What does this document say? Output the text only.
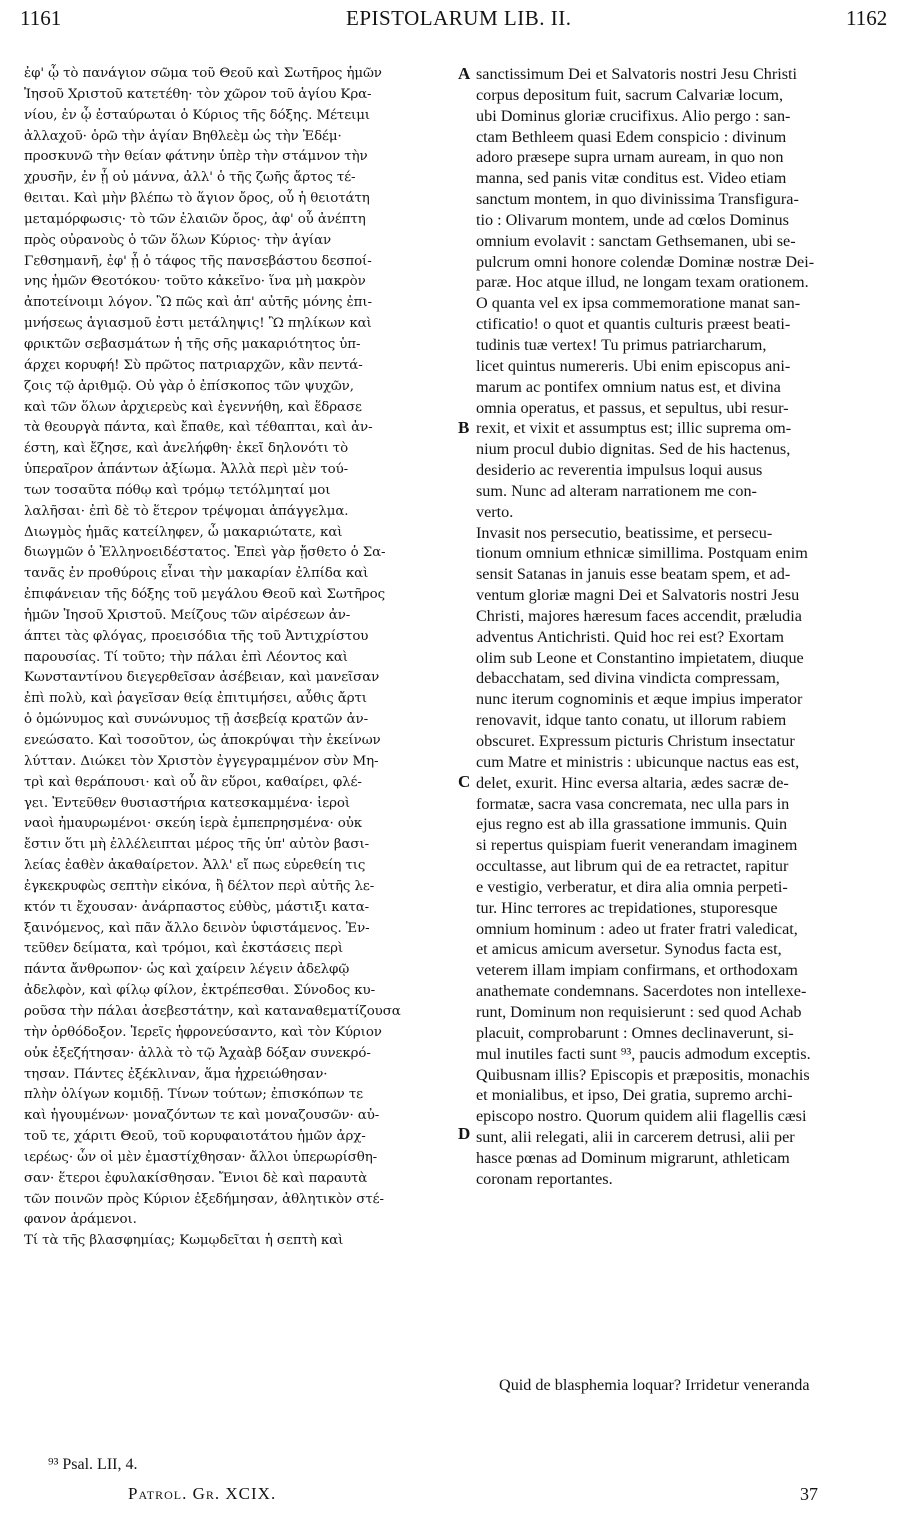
1161	EPISTOLARUM LIB. II.	1162
ἐφ' ᾧ τὸ πανάγιον σῶμα τοῦ Θεοῦ καὶ Σωτῆρος ἡμῶν
Ἰησοῦ Χριστοῦ κατετέθη· τὸν χῶρον τοῦ ἁγίου Κρα-
νίου, ἐν ᾧ ἐσταύρωται ὁ Κύριος τῆς δόξης. Μέτειμι
ἀλλαχοῦ· ὁρῶ τὴν ἁγίαν Βηθλεὲμ ὡς τὴν Ἐδέμ·
προσκυνῶ τὴν θείαν φάτνην ὑπὲρ τὴν στάμνον τὴν
χρυσῆν, ἐν ᾗ οὐ μάννα, ἀλλ' ὁ τῆς ζωῆς ἄρτος τέ-
θειται. Καὶ μὴν βλέπω τὸ ἅγιον ὄρος, οὗ ἡ θειοτάτη
μεταμόρφωσις· τὸ τῶν ἐλαιῶν ὄρος, ἀφ' οὗ ἀνέπτη
πρὸς οὐρανοὺς ὁ τῶν ὅλων Κύριος· τὴν ἁγίαν
Γεθσημανῆ, ἐφ' ᾗ ὁ τάφος τῆς πανσεβάστου δεσποί-
νης ἡμῶν Θεοτόκου· τοῦτο κἀκεῖνο· ἵνα μὴ μακρὸν
ἀποτείνοιμι λόγον. Ὢ πῶς καὶ ἀπ' αὐτῆς μόνης ἐπι-
μνήσεως ἁγιασμοῦ ἐστι μετάληψις! Ὢ πηλίκων καὶ
φρικτῶν σεβασμάτων ἡ τῆς σῆς μακαριότητος ὑπ-
άρχει κορυφή! Σὺ πρῶτος πατριαρχῶν, κἂν πεντά-
ζοις τῷ ἀριθμῷ. Οὐ γὰρ ὁ ἐπίσκοπος τῶν ψυχῶν,
καὶ τῶν ὅλων ἀρχιερεὺς καὶ ἐγεννήθη, καὶ ἕδρασε
τὰ θεουργὰ πάντα, καὶ ἔπαθε, καὶ τέθαπται, καὶ ἀν-
έστη, καὶ ἔζησε, καὶ ἀνελήφθη· ἐκεῖ δηλονότι τὸ
ὑπεραῖρον ἁπάντων ἀξίωμα. Ἀλλὰ περὶ μὲν τού-
των τοσαῦτα πόθῳ καὶ τρόμῳ τετόλμηταί μοι
λαλῆσαι· ἐπὶ δὲ τὸ ἕτερον τρέψομαι ἀπάγγελμα.
Διωγμὸς ἡμᾶς κατείληφεν, ὦ μακαριώτατε, καὶ
διωγμῶν ὁ Ἑλληνοειδέστατος. Ἐπεὶ γὰρ ᾔσθετο ὁ Σα-
τανᾶς ἐν προθύροις εἶναι τὴν μακαρίαν ἐλπίδα καὶ
ἐπιφάνειαν τῆς δόξης τοῦ μεγάλου Θεοῦ καὶ Σωτῆρος
ἡμῶν Ἰησοῦ Χριστοῦ. Μείζους τῶν αἱρέσεων ἀν-
άπτει τὰς φλόγας, προεισόδια τῆς τοῦ Ἀντιχρίστου
παρουσίας. Τί τοῦτο; τὴν πάλαι ἐπὶ Λέοντος καὶ
Κωνσταντίνου διεγερθεῖσαν ἀσέβειαν, καὶ μανεῖσαν
ἐπὶ πολὺ, καὶ ῥαγεῖσαν θείᾳ ἐπιτιμήσει, αὖθις ἄρτι
ὁ ὁμώνυμος καὶ συνώνυμος τῇ ἀσεβείᾳ κρατῶν ἀν-
ενεώσατο. Καὶ τοσοῦτον, ὡς ἀποκρύψαι τὴν ἐκείνων
λύτταν. Διώκει τὸν Χριστὸν ἐγγεγραμμένον σὺν Μη-
τρὶ καὶ θεράπουσι· καὶ οὗ ἂν εὕροι, καθαίρει, φλέ-
γει. Ἐντεῦθεν θυσιαστήρια κατεσκαμμένα· ἱεροὶ
ναοὶ ἠμαυρωμένοι· σκεύη ἱερὰ ἐμπεπρησμένα· οὐκ
ἔστιν ὅτι μὴ ἐλλέλειπται μέρος τῆς ὑπ' αὐτὸν βασι-
λείας ἐαθὲν ἀκαθαίρετον. Ἀλλ' εἴ πως εὑρεθείη τις
ἐγκεκρυφὼς σεπτὴν εἰκόνα, ἢ δέλτον περὶ αὐτῆς λε-
κτόν τι ἔχουσαν· ἀνάρπαστος εὐθὺς, μάστιξι κατα-
ξαινόμενος, καὶ πᾶν ἄλλο δεινὸν ὑφιστάμενος. Ἐν-
τεῦθεν δείματα, καὶ τρόμοι, καὶ ἐκστάσεις περὶ
πάντα ἄνθρωπον· ὡς καὶ χαίρειν λέγειν ἀδελφῷ
ἀδελφὸν, καὶ φίλῳ φίλον, ἐκτρέπεσθαι. Σύνοδος κυ-
ροῦσα τὴν πάλαι ἀσεβεστάτην, καὶ καταναθεματίζουσα
τὴν ὀρθόδοξον. Ἱερεῖς ἠφρονεύσαντο, καὶ τὸν Κύριον
οὐκ ἐξεζήτησαν· ἀλλὰ τὸ τῷ Ἀχαὰβ δόξαν συνεκρό-
τησαν. Πάντες ἐξέκλιναν, ἅμα ἠχρειώθησαν·
πλὴν ὀλίγων κομιδῇ. Τίνων τούτων; ἐπισκόπων τε
καὶ ἡγουμένων· μοναζόντων τε καὶ μοναζουσῶν· αὐ-
τοῦ τε, χάριτι Θεοῦ, τοῦ κορυφαιοτάτου ἡμῶν ἀρχ-
ιερέως· ὧν οἱ μὲν ἐμαστίχθησαν· ἄλλοι ὑπερωρίσθη-
σαν· ἕτεροι ἐφυλακίσθησαν. Ἔνιοι δὲ καὶ παραυτὰ
τῶν ποινῶν πρὸς Κύριον ἐξεδήμησαν, ἀθλητικὸν στέ-
φανον ἀράμενοι.
Τί τὰ τῆς βλασφημίας; Κωμῳδεῖται ἡ σεπτὴ καὶ
sanctissimum Dei et Salvatoris nostri Jesu Christi
corpus depositum fuit, sacrum Calvariæ locum,
ubi Dominus gloriæ crucifixus. Alio pergo : san-
ctam Bethleem quasi Edem conspicio : divinum
adoro præsepe supra urnam auream, in quo non
manna, sed panis vitæ conditus est. Video etiam
sanctum montem, in quo divinissima Transfigura-
tio : Olivarum montem, unde ad cœlos Dominus
omnium evolavit : sanctam Gethsemanen, ubi se-
pulcrum omni honore colendæ Dominæ nostræ Dei-
paræ. Hoc atque illud, ne longam texam orationem.
O quanta vel ex ipsa commemoratione manat san-
ctificatio! o quot et quantis culturis præest beati-
tudinis tuæ vertex! Tu primus patriarcharum,
licet quintus numereris. Ubi enim episcopus ani-
marum ac pontifex omnium natus est, et divina
omnia operatus, et passus, et sepultus, ubi resur-
rexit, et vixit et assumptus est; illic suprema om-
nium procul dubio dignitas. Sed de his hactenus,
desiderio ac reverentia impulsus loqui ausus
sum. Nunc ad alteram narrationem me con-
verto.
Invasit nos persecutio, beatissime, et persecu-
tionum omnium ethnicæ simillima. Postquam enim
sensit Satanas in januis esse beatam spem, et ad-
ventum gloriæ magni Dei et Salvatoris nostri Jesu
Christi, majores hæresum faces accendit, præludia
adventus Antichristi. Quid hoc rei est? Exortam
olim sub Leone et Constantino impietatem, diuque
debacchatam, sed divina vindicta compressam,
nunc iterum cognominis et æque impius imperator
renovavit, idque tanto conatu, ut illorum rabiem
obscuret. Expressum picturis Christum insectatur
cum Matre et ministris : ubicunque nactus eas est,
delet, exurit. Hinc eversa altaria, ædes sacræ de-
formatæ, sacra vasa concremata, nec ulla pars in
ejus regno est ab illa grassatione immunis. Quin
si repertus quispiam fuerit venerandam imaginem
occultasse, aut librum qui de ea retractet, rapitur
e vestigio, verberatur, et dira alia omnia perpeti-
tur. Hinc terrores ac trepidationes, stuporesque
omnium hominum : adeo ut frater fratri valedicat,
et amicus amicum aversetur. Synodus facta est,
veterem illam impiam confirmans, et orthodoxam
anathemate condemnans. Sacerdotes non intellexe-
runt, Dominum non requisierunt : sed quod Achab
placuit, comprobarunt : Omnes declinaverunt, si-
mul inutiles facti sunt ⁹³, paucis admodum exceptis.
Quibusnam illis? Episcopis et præpositis, monachis
et monialibus, et ipso, Dei gratia, supremo archi-
episcopo nostro. Quorum quidem alii flagellis cæsi
sunt, alii relegati, alii in carcerem detrusi, alii per
hasce pœnas ad Dominum migrarunt, athleticam
coronam reportantes.
A
B
C
D
Quid de blasphemia loquar? Irridetur veneranda
⁹³ Psal. LII, 4.
Patrol. Gr. XCIX.	37
